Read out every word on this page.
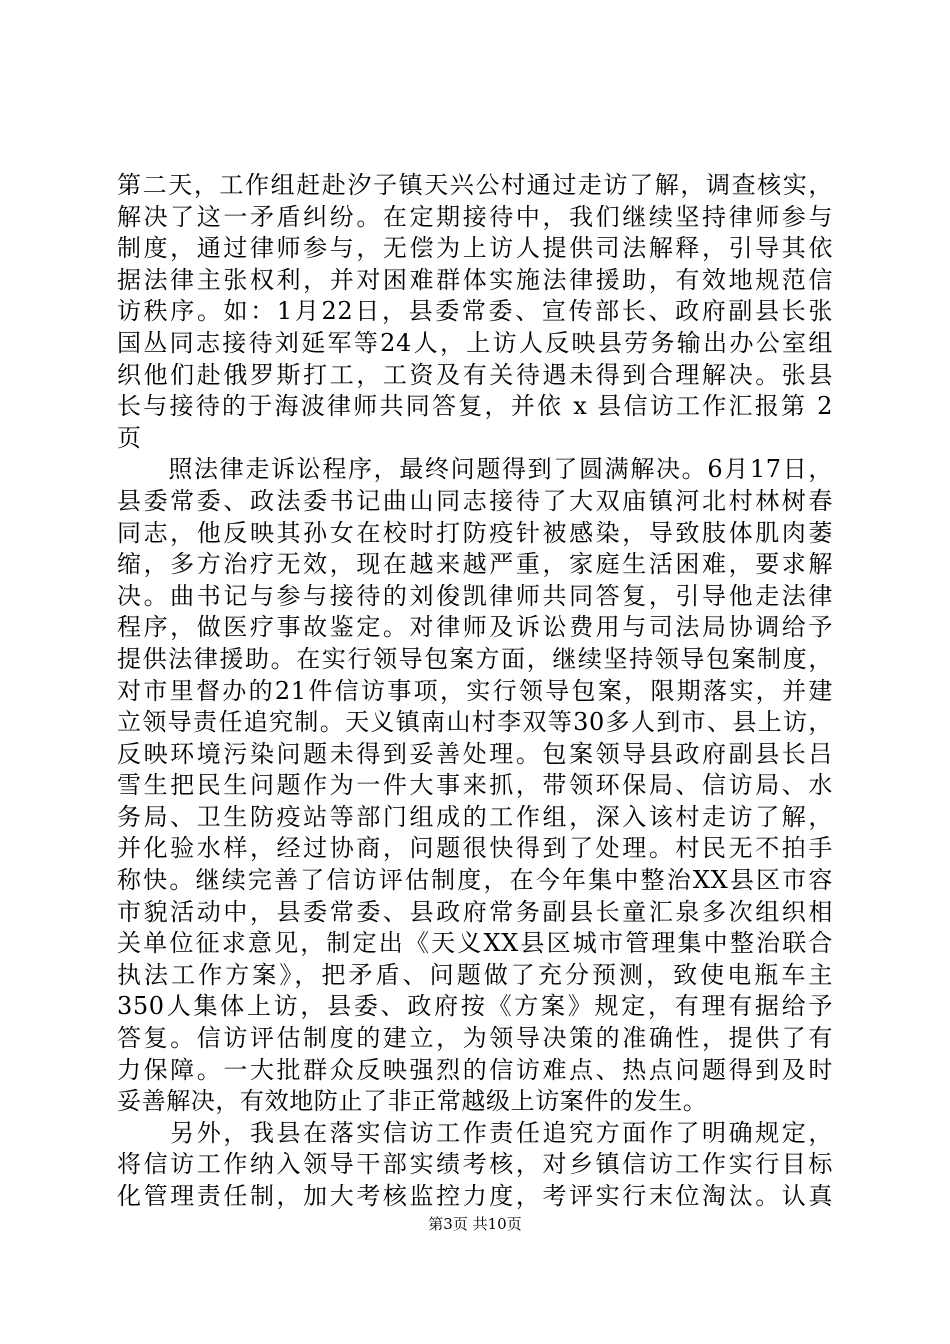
第二天，工作组赶赴汐子镇天兴公村通过走访了解，调查核实，
解决了这一矛盾纠纷。在定期接待中，我们继续坚持律师参与
制度，通过律师参与，无偿为上访人提供司法解释，引导其依
据法律主张权利，并对困难群体实施法律援助，有效地规范信
访秩序。如：1月22日，县委常委、宣传部长、政府副县长张
国丛同志接待刘延军等24人，上访人反映县劳务输出办公室组
织他们赴俄罗斯打工，工资及有关待遇未得到合理解决。张县
长与接待的于海波律师共同答复，并依 x 县信访工作汇报第 2
页
　　照法律走诉讼程序，最终问题得到了圆满解决。6月17日，
县委常委、政法委书记曲山同志接待了大双庙镇河北村林树春
同志，他反映其孙女在校时打防疫针被感染，导致肢体肌肉萎
缩，多方治疗无效，现在越来越严重，家庭生活困难，要求解
决。曲书记与参与接待的刘俊凯律师共同答复，引导他走法律
程序，做医疗事故鉴定。对律师及诉讼费用与司法局协调给予
提供法律援助。在实行领导包案方面，继续坚持领导包案制度，
对市里督办的21件信访事项，实行领导包案，限期落实，并建
立领导责任追究制。天义镇南山村李双等30多人到市、县上访，
反映环境污染问题未得到妥善处理。包案领导县政府副县长吕
雪生把民生问题作为一件大事来抓，带领环保局、信访局、水
务局、卫生防疫站等部门组成的工作组，深入该村走访了解，
并化验水样，经过协商，问题很快得到了处理。村民无不拍手
称快。继续完善了信访评估制度，在今年集中整治XX县区市容
市貌活动中，县委常委、县政府常务副县长童汇泉多次组织相
关单位征求意见，制定出《天义XX县区城市管理集中整治联合
执法工作方案》，把矛盾、问题做了充分预测，致使电瓶车主
350人集体上访，县委、政府按《方案》规定，有理有据给予
答复。信访评估制度的建立，为领导决策的准确性，提供了有
力保障。一大批群众反映强烈的信访难点、热点问题得到及时
妥善解决，有效地防止了非正常越级上访案件的发生。
　　另外，我县在落实信访工作责任追究方面作了明确规定，
将信访工作纳入领导干部实绩考核，对乡镇信访工作实行目标
化管理责任制，加大考核监控力度，考评实行末位淘汰。认真
第3页 共10页
